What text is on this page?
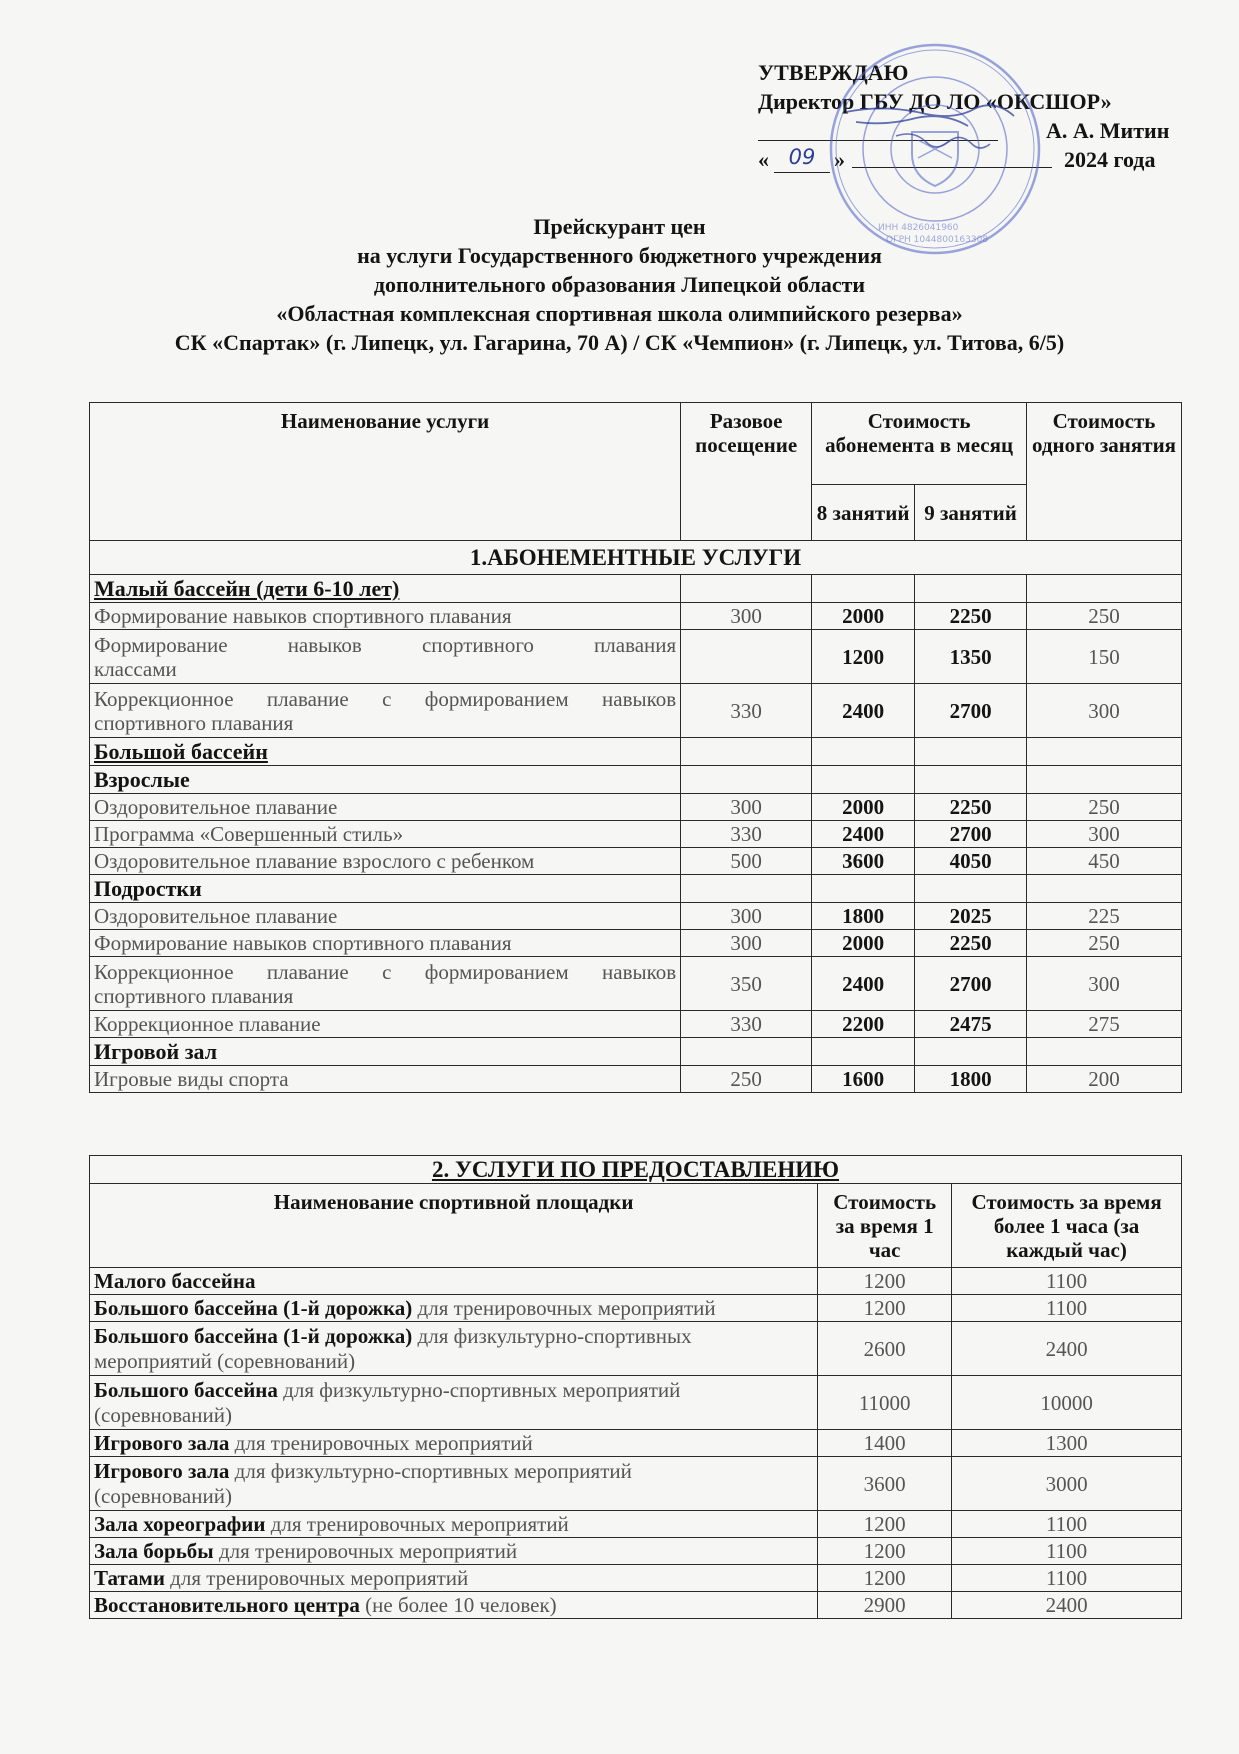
УТВЕРЖДАЮ
Директор ГБУ ДО ЛО «ОКСШОР»
А. А. Митин
« 09 »	2024 года
ИНН 4826041960
ОГРН 1044800163308
Прейскурант цен
на услуги Государственного бюджетного учреждения
дополнительного образования Липецкой области
«Областная комплексная спортивная школа олимпийского резерва»
СК «Спартак» (г. Липецк, ул. Гагарина, 70 А) / СК «Чемпион» (г. Липецк, ул. Титова, 6/5)
Наименование услуги	Разовое посещение	Стоимость абонемента в месяц		Стоимость одного занятия
		8 занятий	9 занятий	
1.АБОНЕМЕНТНЫЕ УСЛУГИ				
Малый бассейн (дети 6-10 лет)				
Формирование навыков спортивного плавания	300	2000	2250	250

Формирование навыков спортивного плавания
классами		1200	1350	150

Коррекционное плавание с формированием навыков
спортивного плавания	330	2400	2700	300
Большой бассейн				
Взрослые				
Оздоровительное плавание	300	2000	2250	250
Программа «Совершенный стиль»	330	2400	2700	300
Оздоровительное плавание взрослого с ребенком	500	3600	4050	450
Подростки				
Оздоровительное плавание	300	1800	2025	225
Формирование навыков спортивного плавания	300	2000	2250	250

Коррекционное плавание с формированием навыков
спортивного плавания	350	2400	2700	300
Коррекционное плавание	330	2200	2475	275
Игровой зал				
Игровые виды спорта	250	1600	1800	200
2. УСЛУГИ ПО ПРЕДОСТАВЛЕНИЮ		
Наименование спортивной площадки	Стоимость за время 1 час	Стоимость за время более 1 часа (за каждый час)

Малого бассейна	1200	1100

Большого бассейна (1-й дорожка) для тренировочных мероприятий	1200	1100

Большого бассейна (1-й дорожка) для физкультурно-спортивных
мероприятий (соревнований)	2600	2400

Большого бассейна для физкультурно-спортивных мероприятий
(соревнований)	11000	10000

Игрового зала для тренировочных мероприятий	1400	1300

Игрового зала для физкультурно-спортивных мероприятий
(соревнований)	3600	3000

Зала хореографии для тренировочных мероприятий	1200	1100

Зала борьбы для тренировочных мероприятий	1200	1100

Татами для тренировочных мероприятий	1200	1100

Восстановительного центра (не более 10 человек)	2900	2400
